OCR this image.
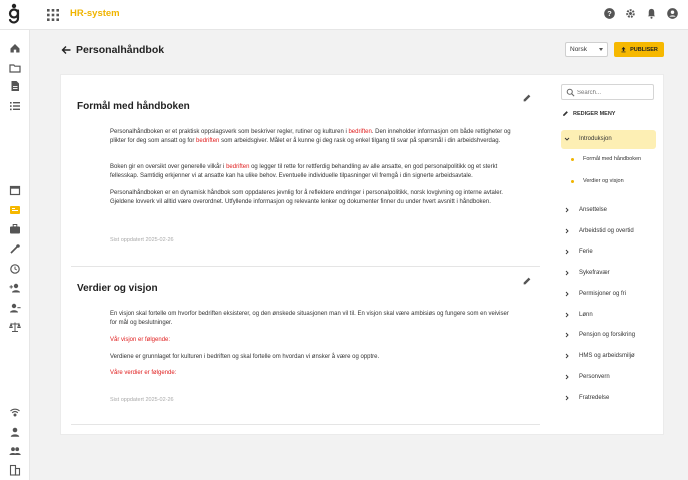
HR-system	?
Personalhåndbok	Norsk	PUBLISER
Formål med håndboken

Personalhåndboken er et praktisk oppslagsverk som beskriver regler, rutiner og kulturen i bedriften. Den inneholder informasjon om både rettigheter og plikter for deg som ansatt og for bedriften som arbeidsgiver. Målet er å kunne gi deg rask og enkel tilgang til svar på spørsmål i din arbeidshverdag.

Boken gir en oversikt over generelle vilkår i bedriften og legger til rette for rettferdig behandling av alle ansatte, en god personalpolitikk og et sterkt fellesskap. Samtidig erkjenner vi at ansatte kan ha ulike behov. Eventuelle individuelle tilpasninger vil fremgå i din signerte arbeidsavtale.

Personalhåndboken er en dynamisk håndbok som oppdateres jevnlig for å reflektere endringer i personalpolitikk, norsk lovgivning og interne avtaler. Gjeldene lovverk vil alltid være overordnet. Utfyllende informasjon og relevante lenker og dokumenter finner du under hvert avsnitt i håndboken.

Sist oppdatert 2025-02-26
Verdier og visjon

En visjon skal fortelle om hvorfor bedriften eksisterer, og den ønskede situasjonen man vil til. En visjon skal være ambisiøs og fungere som en veiviser for mål og beslutninger.

Vår visjon er følgende:

Verdiene er grunnlaget for kulturen i bedriften og skal fortelle om hvordan vi ønsker å være og opptre.

Våre verdier er følgende:

Sist oppdatert 2025-02-26
Search...
REDIGER MENY
Introduksjon
Formål med håndboken
Verdier og visjon
Ansettelse
Arbeidstid og overtid
Ferie
Sykefravær
Permisjoner og fri
Lønn
Pensjon og forsikring
HMS og arbeidsmiljø
Personvern
Fratredelse
